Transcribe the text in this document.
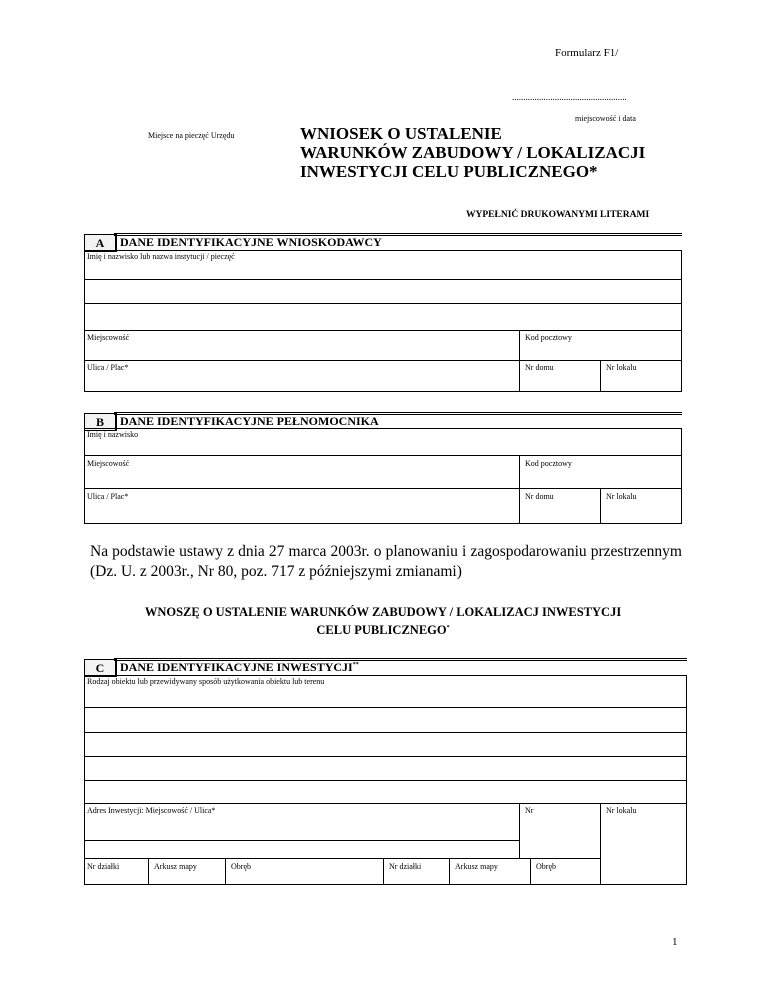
Formularz F1/
...................................................
miejscowość i data
Miejsce na pieczęć Urzędu	WNIOSEK O USTALENIE
WARUNKÓW ZABUDOWY / LOKALIZACJI
INWESTYCJI CELU PUBLICZNEGO*
WYPEŁNIĆ DRUKOWANYMI LITERAMI
A	DANE IDENTYFIKACYJNE WNIOSKODAWCY
Imię i nazwisko lub nazwa instytucji / pieczęć
Miejscowość	Kod pocztowy
Ulica / Plac*	Nr domu	Nr lokalu
B	DANE IDENTYFIKACYJNE PEŁNOMOCNIKA
Imię i nazwisko
Miejscowość	Kod pocztowy
Ulica / Plac*	Nr domu	Nr lokalu
Na podstawie ustawy z dnia 27 marca 2003r. o planowaniu i zagospodarowaniu przestrzennym (Dz. U. z 2003r., Nr 80, poz. 717 z późniejszymi zmianami)
WNOSZĘ O USTALENIE WARUNKÓW ZABUDOWY / LOKALIZACJ INWESTYCJI
CELU PUBLICZNEGO*
C	DANE IDENTYFIKACYJNE INWESTYCJI**
Rodzaj obiektu lub przewidywany sposób użytkowania obiektu lub terenu
Adres Inwestycji: Miejscowość / Ulica*	Nr	Nr lokalu
Nr działki	Arkusz mapy	Obręb	Nr działki	Arkusz mapy	Obręb
1
